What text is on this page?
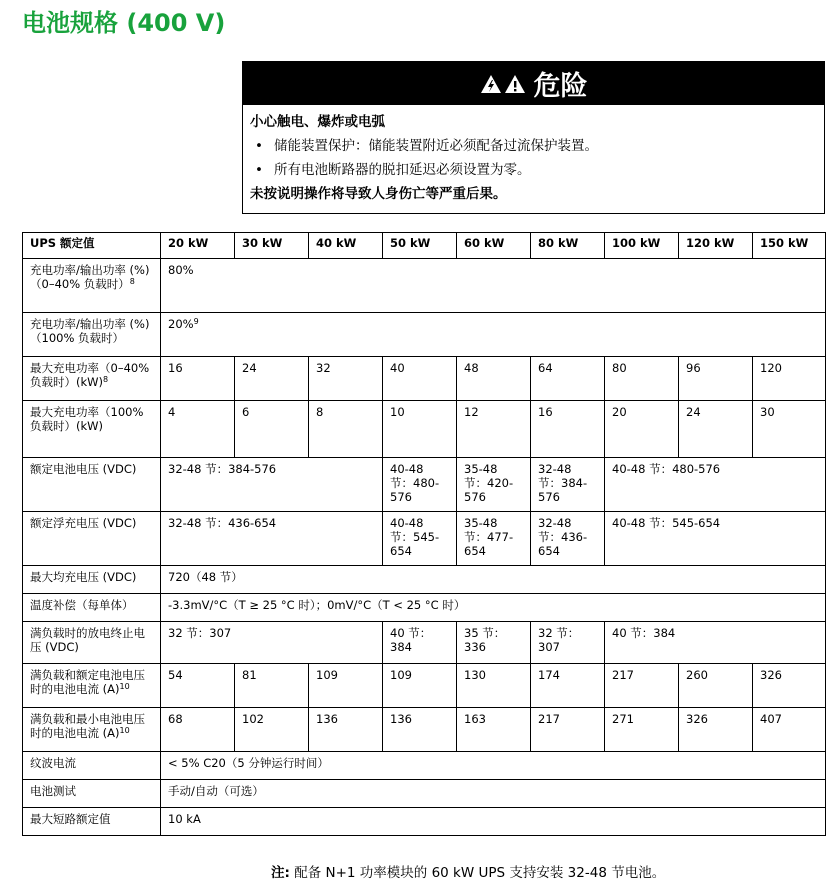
电池规格 (400 V)
危险
小心触电、爆炸或电弧
• 储能装置保护：储能装置附近必须配备过流保护装置。
• 所有电池断路器的脱扣延迟必须设置为零。
未按说明操作将导致人身伤亡等严重后果。
UPS 额定值	20 kW	30 kW	40 kW	50 kW	60 kW	80 kW	100 kW	120 kW	150 kW
充电功率/输出功率 (%)（0–40% 负载时）$^8$	80%								
充电功率/输出功率 (%)（100% 负载时）	20%$^9$
最大充电功率（0–40% 负载时）(kW)$^8$	16	24	32	40	48	64	80	96	120
最大充电功率（100% 负载时）(kW)	4	6	8	10	12	16	20	24	30
额定电池电压 (VDC)	32-48 节：384-576			40-48 节：480-576	35-48 节：420-576	32-48 节：384-576	40-48 节：480-576		
额定浮充电压 (VDC)	32-48 节：436-654			40-48 节：545-654	35-48 节：477-654	32-48 节：436-654	40-48 节：545-654		
最大均充电压 (VDC)	720（48 节）								
温度补偿（每单体）	-3.3mV/°C（T ≥ 25 °C 时）；0mV/°C（T < 25 °C 时）								
满负载时的放电终止电压 (VDC)	32 节：307			40 节：384	35 节：336	32 节：307	40 节：384		
满负载和额定电池电压时的电池电流 $(A)^{10}$	54	81	109	109	130	174	217	260	326
满负载和最小电池电压时的电池电流 $(A)^{10}$	68	102	136	136	163	217	271	326	407
纹波电流	< 5% C20（5 分钟运行时间）								
电池测试	手动/自动（可选）								
最大短路额定值	10 kA								

注: 配备 N+1 功率模块的 60 kW UPS 支持安装 32-48 节电池。
